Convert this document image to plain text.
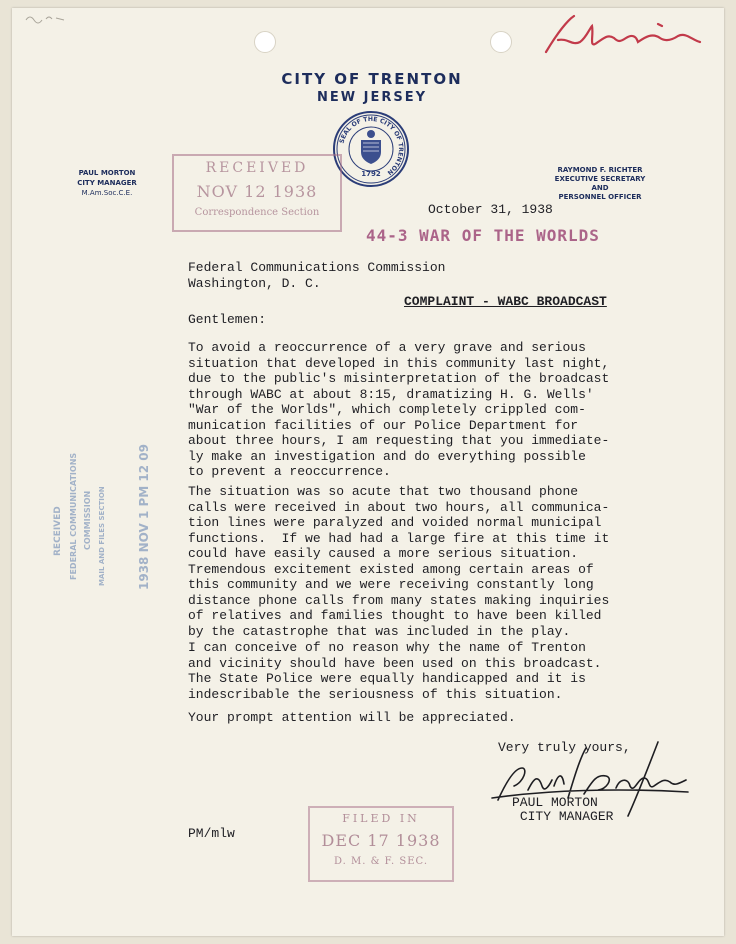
CITY OF TRENTON
NEW JERSEY
SEAL OF THE CITY OF TRENTON
1792
PAUL MORTON
CITY MANAGER
M.Am.Soc.C.E.
RAYMOND F. RICHTER
EXECUTIVE SECRETARY
AND
PERSONNEL OFFICER
RECEIVED
NOV 12 1938
Correspondence Section	October 31, 1938
44-3 WAR OF THE WORLDS
Federal Communications Commission
Washington, D. C.
COMPLAINT - WABC BROADCAST
Gentlemen:
To avoid a reoccurrence of a very grave and serious
situation that developed in this community last night,
due to the public's misinterpretation of the broadcast
through WABC at about 8:15, dramatizing H. G. Wells'
"War of the Worlds", which completely crippled com-
munication facilities of our Police Department for
about three hours, I am requesting that you immediate-
ly make an investigation and do everything possible
to prevent a reoccurrence.
The situation was so acute that two thousand phone
calls were received in about two hours, all communica-
tion lines were paralyzed and voided normal municipal
functions.  If we had had a large fire at this time it
could have easily caused a more serious situation.
Tremendous excitement existed among certain areas of
this community and we were receiving constantly long
distance phone calls from many states making inquiries
of relatives and families thought to have been killed
by the catastrophe that was included in the play.
I can conceive of no reason why the name of Trenton
and vicinity should have been used on this broadcast.
The State Police were equally handicapped and it is
indescribable the seriousness of this situation.
Your prompt attention will be appreciated.
Very truly yours,
PAUL MORTON
CITY MANAGER
PM/mlw
RECEIVED FEDERAL COMMUNICATIONS COMMISSION MAIL AND FILES SECTION	1938 NOV 1 PM 12 09
FILED IN
DEC 17 1938
D. M. & F. SEC.
